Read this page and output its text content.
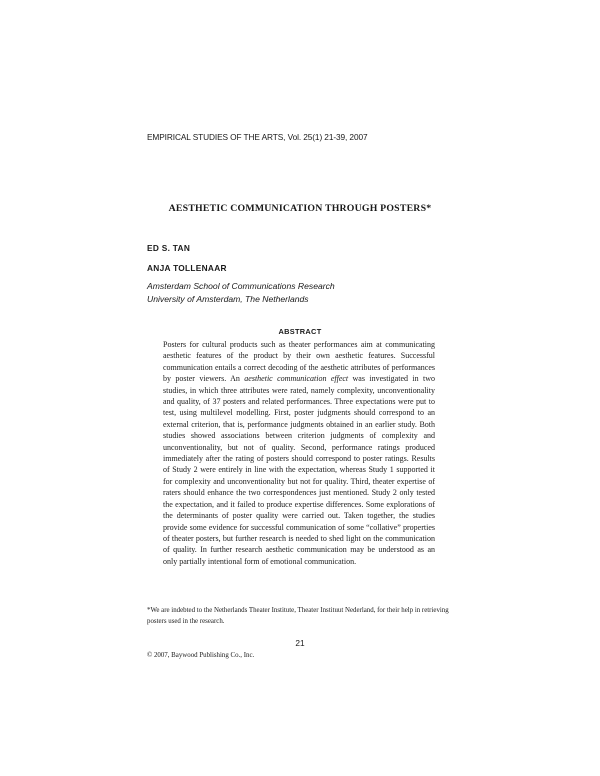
EMPIRICAL STUDIES OF THE ARTS, Vol. 25(1) 21-39, 2007
AESTHETIC COMMUNICATION THROUGH POSTERS*
ED S. TAN
ANJA TOLLENAAR
Amsterdam School of Communications Research
University of Amsterdam, The Netherlands
ABSTRACT
Posters for cultural products such as theater performances aim at communicating aesthetic features of the product by their own aesthetic features. Successful communication entails a correct decoding of the aesthetic attributes of performances by poster viewers. An aesthetic communication effect was investigated in two studies, in which three attributes were rated, namely complexity, unconventionality and quality, of 37 posters and related performances. Three expectations were put to test, using multilevel modelling. First, poster judgments should correspond to an external criterion, that is, performance judgments obtained in an earlier study. Both studies showed associations between criterion judgments of complexity and unconventionality, but not of quality. Second, performance ratings produced immediately after the rating of posters should correspond to poster ratings. Results of Study 2 were entirely in line with the expectation, whereas Study 1 supported it for complexity and unconventionality but not for quality. Third, theater expertise of raters should enhance the two correspondences just mentioned. Study 2 only tested the expectation, and it failed to produce expertise differences. Some explorations of the determinants of poster quality were carried out. Taken together, the studies provide some evidence for successful communication of some “collative” properties of theater posters, but further research is needed to shed light on the communication of quality. In further research aesthetic communication may be understood as an only partially intentional form of emotional communication.
*We are indebted to the Netherlands Theater Institute, Theater Instituut Nederland, for their help in retrieving posters used in the research.
21
© 2007, Baywood Publishing Co., Inc.
